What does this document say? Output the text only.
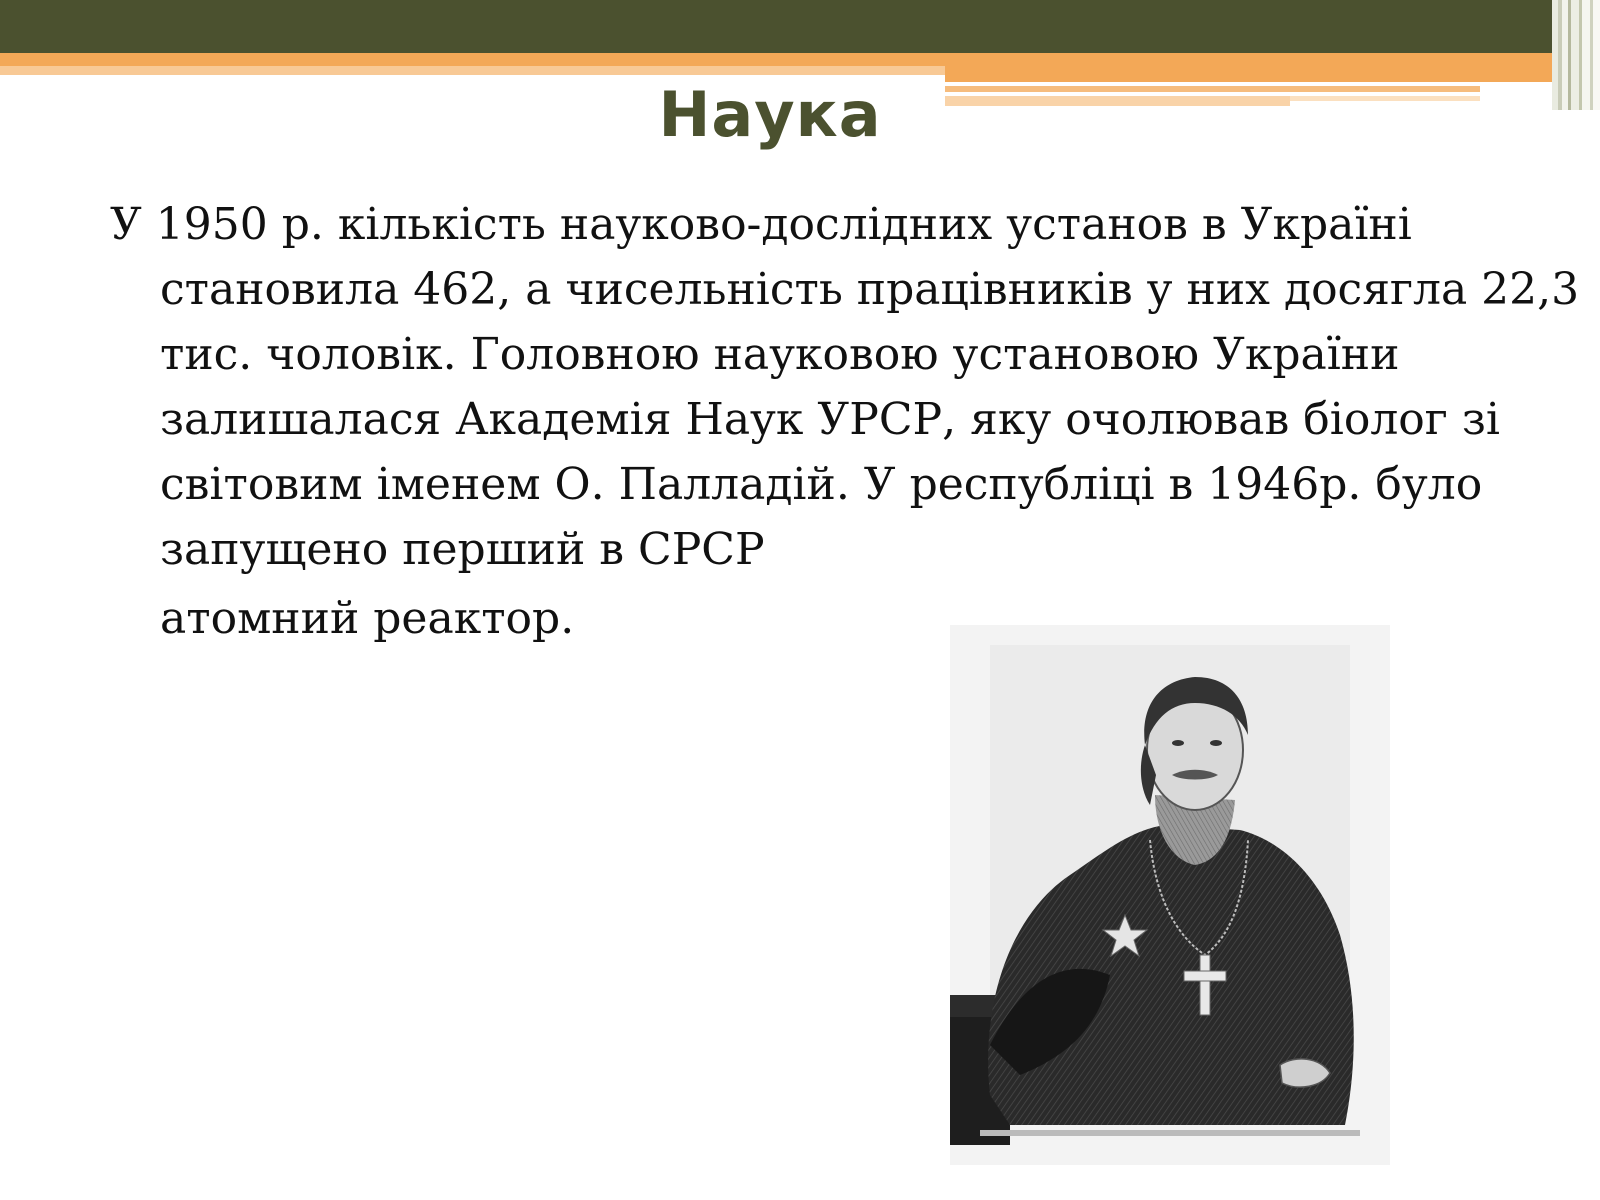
Наука

У 1950 р. кількість науково-дослідних установ в Україні становила 462, а чисельність працівників у них досягла 22,3 тис. чоловік. Головною науковою установою України залишалася Академія Наук УРСР, яку очолював біолог зі світовим іменем О. Палладій. У республіці в 1946р. було запущено перший в СРСР
атомний реактор.
